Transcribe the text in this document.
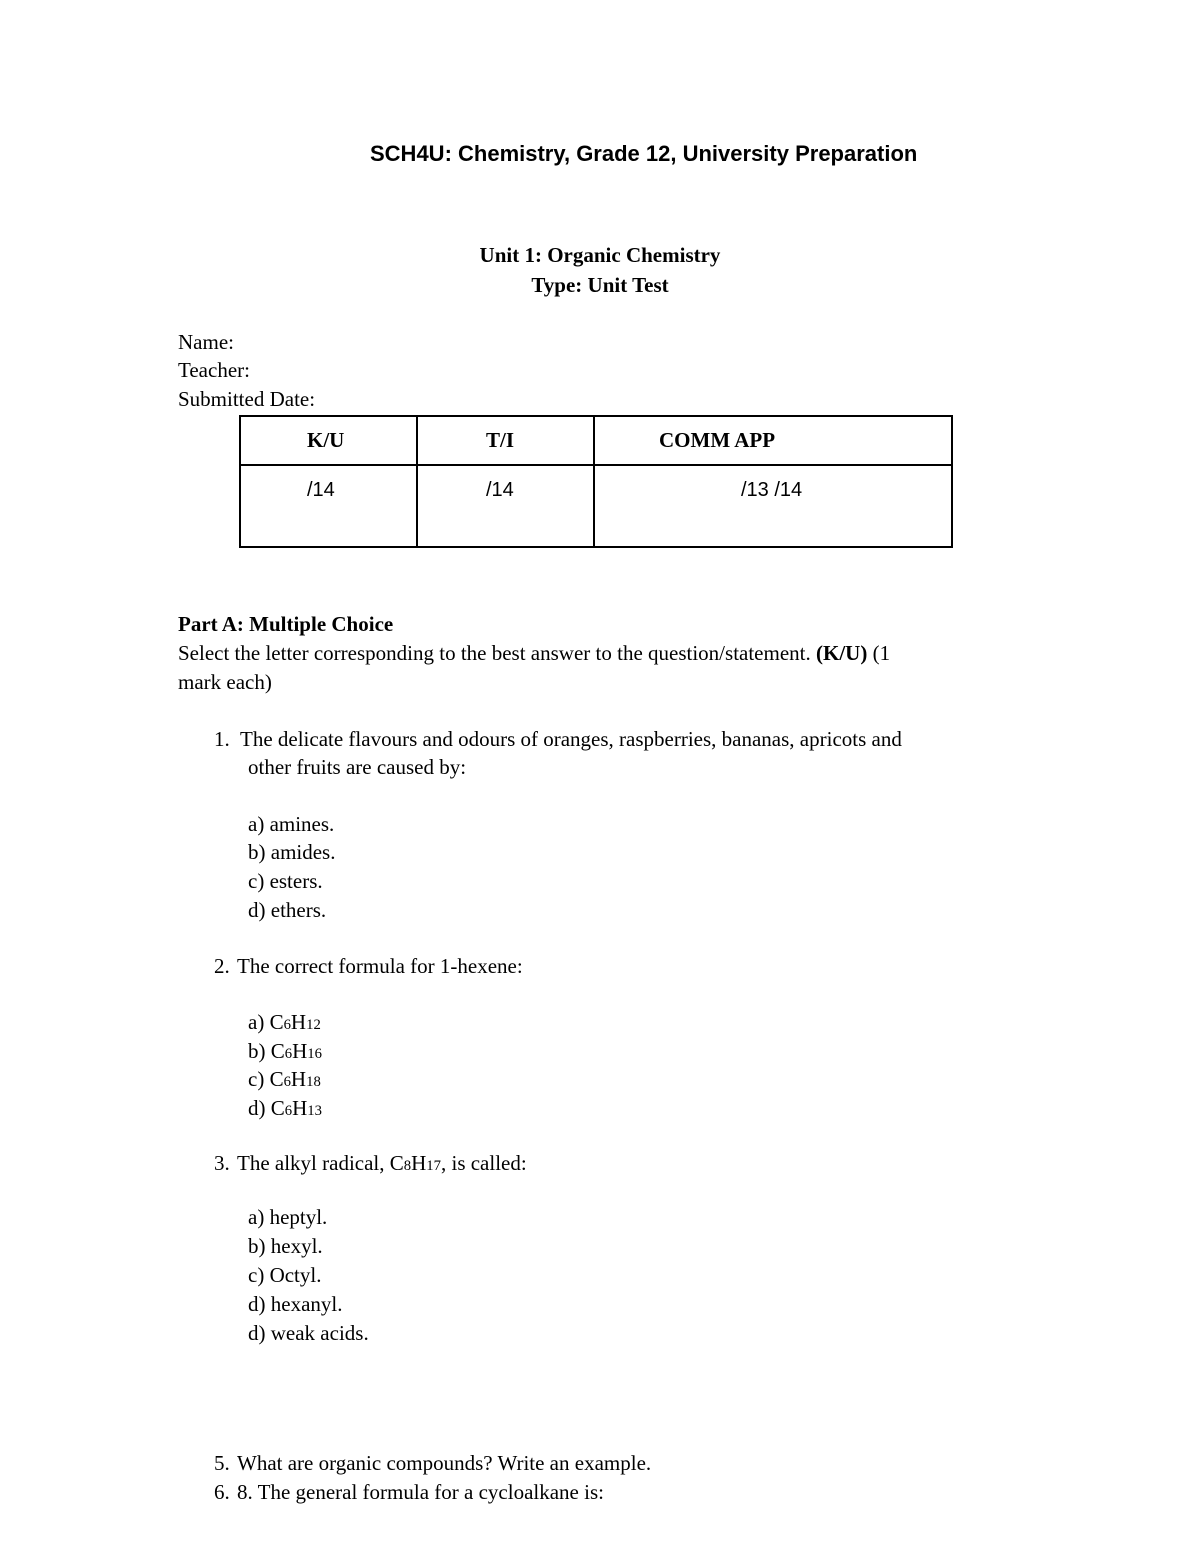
SCH4U: Chemistry, Grade 12, University Preparation
Unit 1: Organic Chemistry
Type: Unit Test
Name:
Teacher:
Submitted Date:
K/U	T/I	COMM APP
/14	/14	/13 /14
Part A: Multiple Choice
Select the letter corresponding to the best answer to the question/statement. (K/U) (1
mark each)
1. The delicate flavours and odours of oranges, raspberries, bananas, apricots and
other fruits are caused by:
a) amines.
b) amides.
c) esters.
d) ethers.
2. The correct formula for 1-hexene:
a) C6H12
b) C6H16
c) C6H18
d) C6H13
3. The alkyl radical, C8H17, is called:
a) heptyl.
b) hexyl.
c) Octyl.
d) hexanyl.
d) weak acids.
5. What are organic compounds? Write an example.
6. 8. The general formula for a cycloalkane is:
